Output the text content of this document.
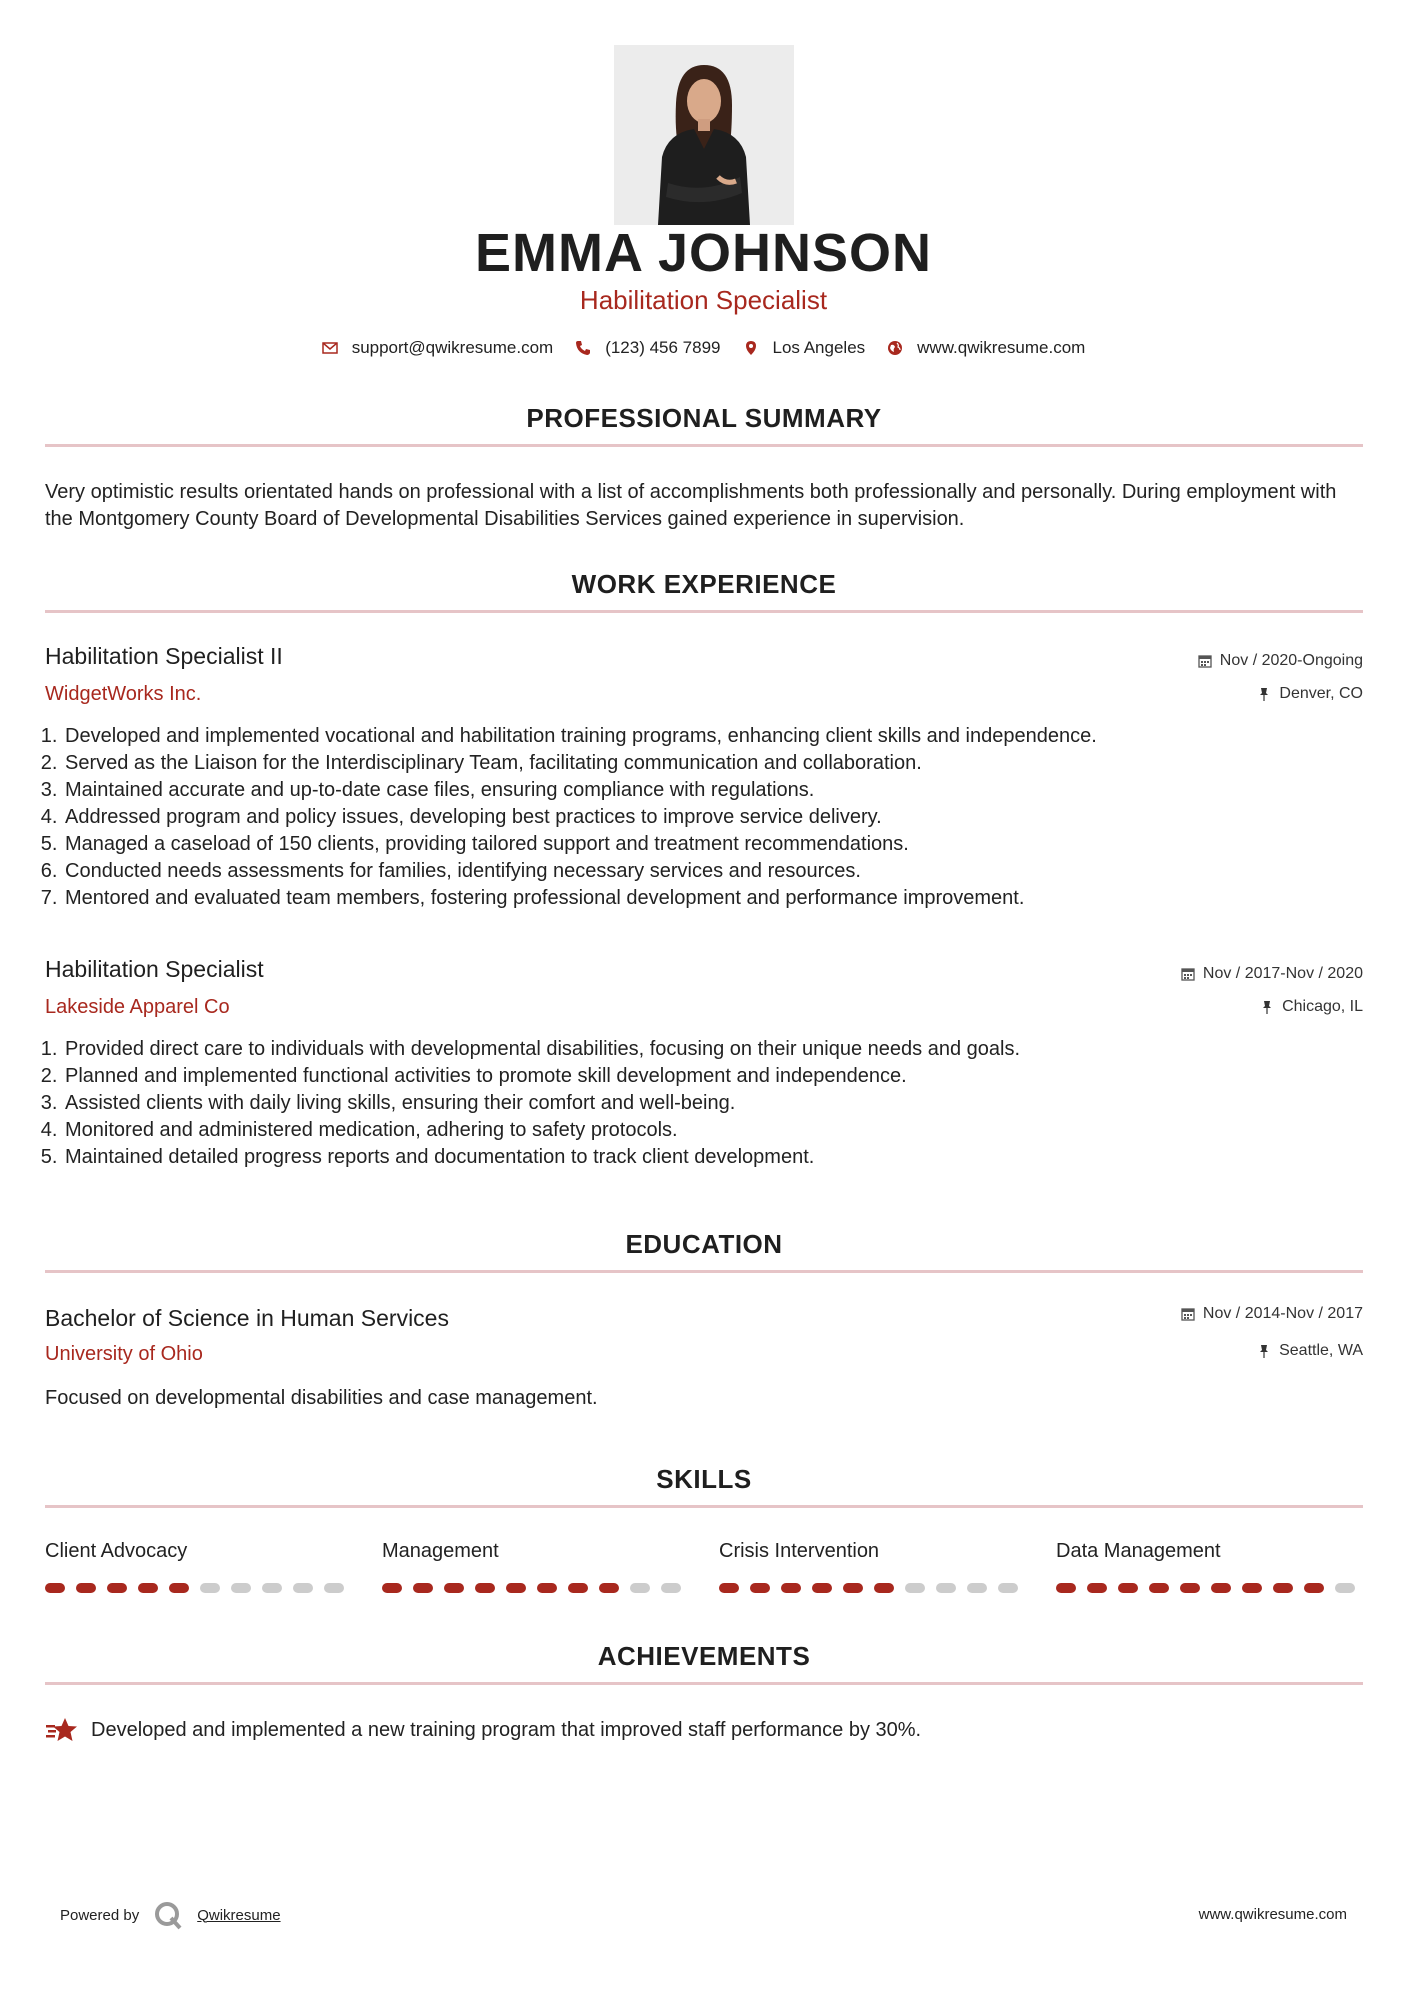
EMMA JOHNSON
Habilitation Specialist
support@qwikresume.com	(123) 456 7899	Los Angeles	www.qwikresume.com
PROFESSIONAL SUMMARY
Very optimistic results orientated hands on professional with a list of accomplishments both professionally and personally. During employment with the Montgomery County Board of Developmental Disabilities Services gained experience in supervision.
WORK EXPERIENCE
Habilitation Specialist II	Nov / 2020-Ongoing
WidgetWorks Inc.	Denver, CO
1. Developed and implemented vocational and habilitation training programs, enhancing client skills and independence.
2. Served as the Liaison for the Interdisciplinary Team, facilitating communication and collaboration.
3. Maintained accurate and up-to-date case files, ensuring compliance with regulations.
4. Addressed program and policy issues, developing best practices to improve service delivery.
5. Managed a caseload of 150 clients, providing tailored support and treatment recommendations.
6. Conducted needs assessments for families, identifying necessary services and resources.
7. Mentored and evaluated team members, fostering professional development and performance improvement.
Habilitation Specialist	Nov / 2017-Nov / 2020
Lakeside Apparel Co	Chicago, IL
1. Provided direct care to individuals with developmental disabilities, focusing on their unique needs and goals.
2. Planned and implemented functional activities to promote skill development and independence.
3. Assisted clients with daily living skills, ensuring their comfort and well-being.
4. Monitored and administered medication, adhering to safety protocols.
5. Maintained detailed progress reports and documentation to track client development.
EDUCATION
Bachelor of Science in Human Services	Nov / 2014-Nov / 2017
University of Ohio	Seattle, WA
Focused on developmental disabilities and case management.
SKILLS
Client Advocacy	Management	Crisis Intervention	Data Management
ACHIEVEMENTS
Developed and implemented a new training program that improved staff performance by 30%.
Powered by	Qwikresume	www.qwikresume.com
